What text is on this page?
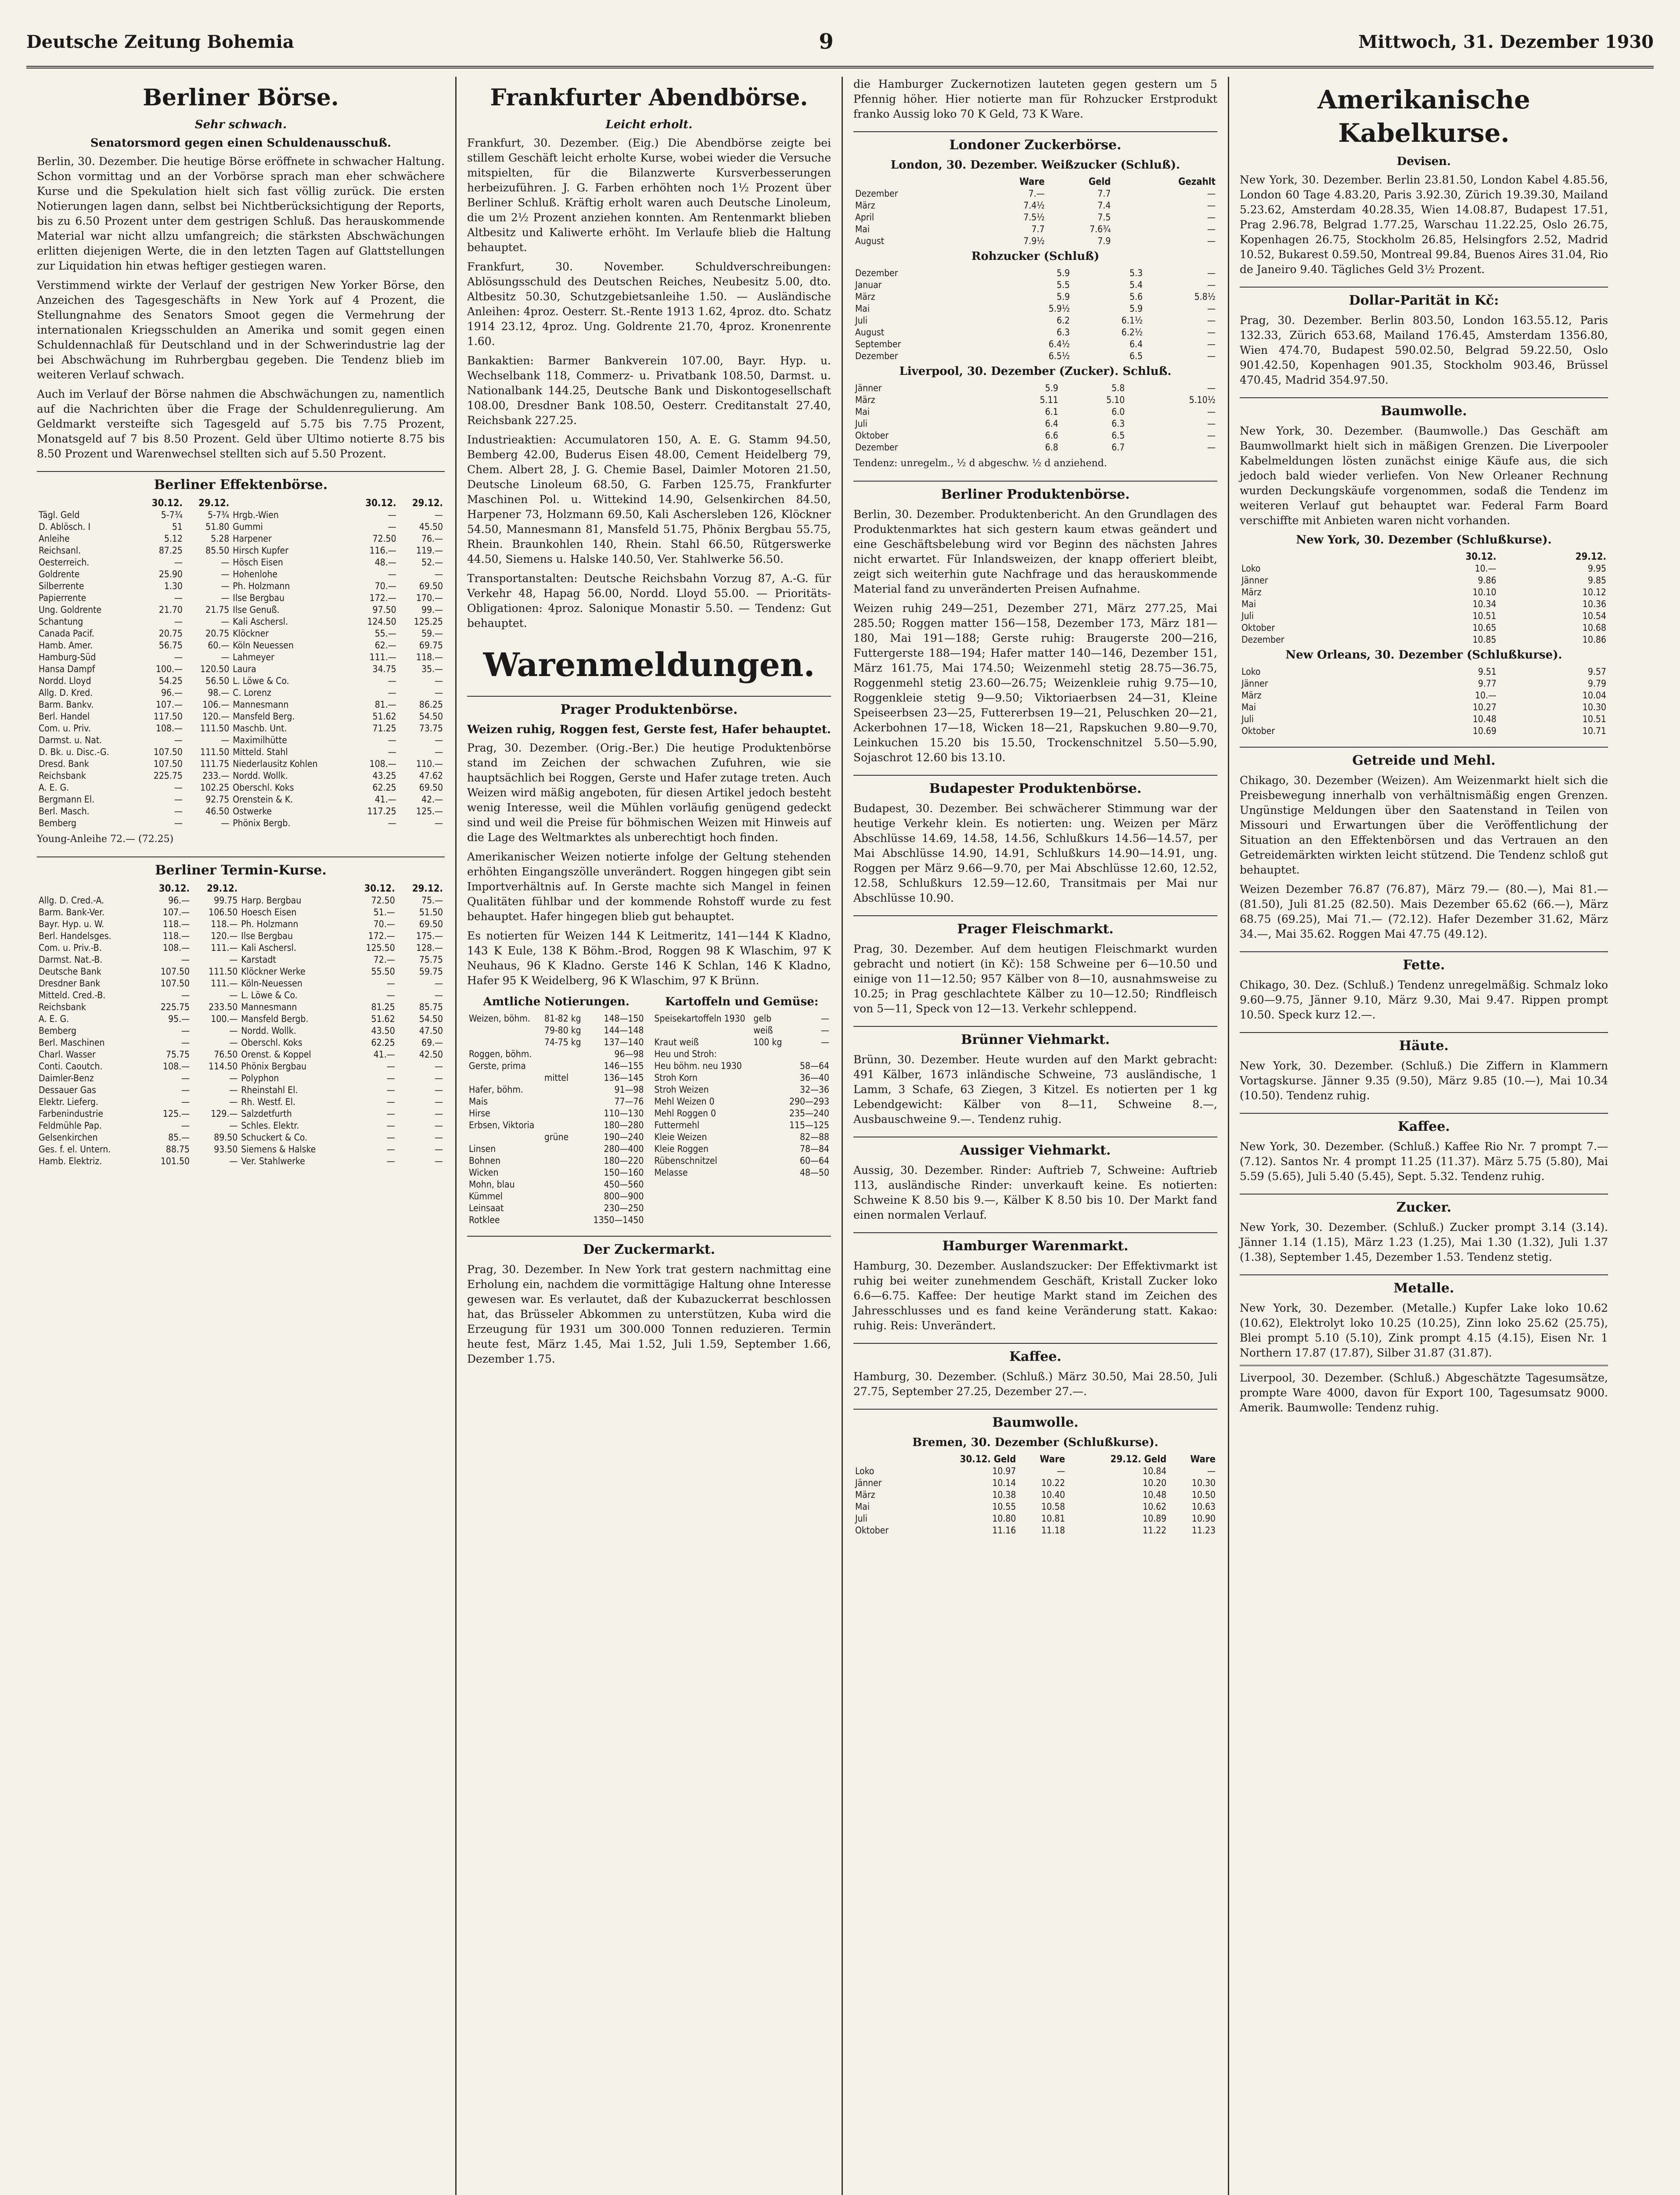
Deutsche Zeitung Bohemia	9	Mittwoch, 31. Dezember 1930
Berliner Börse.
Sehr schwach.
Senatorsmord gegen einen Schuldenausschuß.

Berlin, 30. Dezember. Die heutige Börse eröffnete in schwacher Haltung. Schon vormittag und an der Vorbörse sprach man eher schwächere Kurse und die Spekulation hielt sich fast völlig zurück. Die ersten Notierungen lagen dann, selbst bei Nichtberücksichtigung der Reports, bis zu 6.50 Prozent unter dem gestrigen Schluß. Das herauskommende Material war nicht allzu umfangreich; die stärksten Abschwächungen erlitten diejenigen Werte, die in den letzten Tagen auf Glattstellungen zur Liquidation hin etwas heftiger gestiegen waren.

Verstimmend wirkte der Verlauf der gestrigen New Yorker Börse, den Anzeichen des Tagesgeschäfts in New York auf 4 Prozent, die Stellungnahme des Senators Smoot gegen die Vermehrung der internationalen Kriegsschulden an Amerika und somit gegen einen Schuldennachlaß für Deutschland und in der Schwerindustrie lag der bei Abschwächung im Ruhrbergbau gegeben. Die Tendenz blieb im weiteren Verlauf schwach.

Auch im Verlauf der Börse nahmen die Abschwächungen zu, namentlich auf die Nachrichten über die Frage der Schuldenregulierung. Am Geldmarkt versteifte sich Tagesgeld auf 5.75 bis 7.75 Prozent, Monatsgeld auf 7 bis 8.50 Prozent. Geld über Ultimo notierte 8.75 bis 8.50 Prozent und Warenwechsel stellten sich auf 5.50 Prozent.

Berliner Effektenbörse.
	30.12.	29.12.		30.12.	29.12.
Tägl. Geld	5-7¾	5-7¾	Hrgb.-Wien	—	—
D. Ablösch. I	51	51.80	Gummi	—	45.50
Anleihe	5.12	5.28	Harpener	72.50	76.—
Reichsanl.	87.25	85.50	Hirsch Kupfer	116.—	119.—
Oesterreich.	—	—	Hösch Eisen	48.—	52.—
Goldrente	25.90	—	Hohenlohe	—	—
Silberrente	1.30	—	Ph. Holzmann	70.—	69.50
Papierrente	—	—	Ilse Bergbau	172.—	170.—
Ung. Goldrente	21.70	21.75	Ilse Genuß.	97.50	99.—
Schantung	—	—	Kali Aschersl.	124.50	125.25
Canada Pacif.	20.75	20.75	Klöckner	55.—	59.—
Hamb. Amer.	56.75	60.—	Köln Neuessen	62.—	69.75
Hamburg-Süd	—	—	Lahmeyer	111.—	118.—
Hansa Dampf	100.—	120.50	Laura	34.75	35.—
Nordd. Lloyd	54.25	56.50	L. Löwe & Co.	—	—
Allg. D. Kred.	96.—	98.—	C. Lorenz	—	—
Barm. Bankv.	107.—	106.—	Mannesmann	81.—	86.25
Berl. Handel	117.50	120.—	Mansfeld Berg.	51.62	54.50
Com. u. Priv.	108.—	111.50	Maschb. Unt.	71.25	73.75
Darmst. u. Nat.	—	—	Maximilhütte	—	—
D. Bk. u. Disc.-G.	107.50	111.50	Mitteld. Stahl	—	—
Dresd. Bank	107.50	111.75	Niederlausitz Kohlen	108.—	110.—
Reichsbank	225.75	233.—	Nordd. Wollk.	43.25	47.62
A. E. G.	—	102.25	Oberschl. Koks	62.25	69.50
Bergmann El.	—	92.75	Orenstein & K.	41.—	42.—
Berl. Masch.	—	46.50	Ostwerke	117.25	125.—
Bemberg	—	—	Phönix Bergb.	—	—
Young-Anleihe 72.— (72.25)
Berliner Termin-Kurse.
	30.12.	29.12.		30.12.	29.12.
Allg. D. Cred.-A.	96.—	99.75	Harp. Bergbau	72.50	75.—
Barm. Bank-Ver.	107.—	106.50	Hoesch Eisen	51.—	51.50
Bayr. Hyp. u. W.	118.—	118.—	Ph. Holzmann	70.—	69.50
Berl. Handelsges.	118.—	120.—	Ilse Bergbau	172.—	175.—
Com. u. Priv.-B.	108.—	111.—	Kali Aschersl.	125.50	128.—
Darmst. Nat.-B.	—	—	Karstadt	72.—	75.75
Deutsche Bank	107.50	111.50	Klöckner Werke	55.50	59.75
Dresdner Bank	107.50	111.—	Köln-Neuessen	—	—
Mitteld. Cred.-B.	—	—	L. Löwe & Co.	—	—
Reichsbank	225.75	233.50	Mannesmann	81.25	85.75
A. E. G.	95.—	100.—	Mansfeld Bergb.	51.62	54.50
Bemberg	—	—	Nordd. Wollk.	43.50	47.50
Berl. Maschinen	—	—	Oberschl. Koks	62.25	69.—
Charl. Wasser	75.75	76.50	Orenst. & Koppel	41.—	42.50
Conti. Caoutch.	108.—	114.50	Phönix Bergbau	—	—
Daimler-Benz	—	—	Polyphon	—	—
Dessauer Gas	—	—	Rheinstahl El.	—	—
Elektr. Lieferg.	—	—	Rh. Westf. El.	—	—
Farbenindustrie	125.—	129.—	Salzdetfurth	—	—
Feldmühle Pap.	—	—	Schles. Elektr.	—	—
Gelsenkirchen	85.—	89.50	Schuckert & Co.	—	—
Ges. f. el. Untern.	88.75	93.50	Siemens & Halske	—	—
Hamb. Elektriz.	101.50	—	Ver. Stahlwerke	—	—
Frankfurter Abendbörse.
Leicht erholt.

Frankfurt, 30. Dezember. (Eig.) Die Abendbörse zeigte bei stillem Geschäft leicht erholte Kurse, wobei wieder die Versuche mitspielten, für die Bilanzwerte Kursverbesserungen herbeizuführen. J. G. Farben erhöhten noch 1½ Prozent über Berliner Schluß. Kräftig erholt waren auch Deutsche Linoleum, die um 2½ Prozent anziehen konnten. Am Rentenmarkt blieben Altbesitz und Kaliwerte erhöht. Im Verlaufe blieb die Haltung behauptet.

Frankfurt, 30. November. Schuldverschreibungen: Ablösungsschuld des Deutschen Reiches, Neubesitz 5.00, dto. Altbesitz 50.30, Schutzgebietsanleihe 1.50. — Ausländische Anleihen: 4proz. Oesterr. St.-Rente 1913 1.62, 4proz. dto. Schatz 1914 23.12, 4proz. Ung. Goldrente 21.70, 4proz. Kronenrente 1.60.

Bankaktien: Barmer Bankverein 107.00, Bayr. Hyp. u. Wechselbank 118, Commerz- u. Privatbank 108.50, Darmst. u. Nationalbank 144.25, Deutsche Bank und Diskontogesellschaft 108.00, Dresdner Bank 108.50, Oesterr. Creditanstalt 27.40, Reichsbank 227.25.

Industrieaktien: Accumulatoren 150, A. E. G. Stamm 94.50, Bemberg 42.00, Buderus Eisen 48.00, Cement Heidelberg 79, Chem. Albert 28, J. G. Chemie Basel, Daimler Motoren 21.50, Deutsche Linoleum 68.50, G. Farben 125.75, Frankfurter Maschinen Pol. u. Wittekind 14.90, Gelsenkirchen 84.50, Harpener 73, Holzmann 69.50, Kali Aschersleben 126, Klöckner 54.50, Mannesmann 81, Mansfeld 51.75, Phönix Bergbau 55.75, Rhein. Braunkohlen 140, Rhein. Stahl 66.50, Rütgerswerke 44.50, Siemens u. Halske 140.50, Ver. Stahlwerke 56.50.

Transportanstalten: Deutsche Reichsbahn Vorzug 87, A.-G. für Verkehr 48, Hapag 56.00, Nordd. Lloyd 55.00. — Prioritäts-Obligationen: 4proz. Salonique Monastir 5.50. — Tendenz: Gut behauptet.

Warenmeldungen.
Prager Produktenbörse.
Weizen ruhig, Roggen fest, Gerste fest, Hafer behauptet.

Prag, 30. Dezember. (Orig.-Ber.) Die heutige Produktenbörse stand im Zeichen der schwachen Zufuhren, wie sie hauptsächlich bei Roggen, Gerste und Hafer zutage treten. Auch Weizen wird mäßig angeboten, für diesen Artikel jedoch besteht wenig Interesse, weil die Mühlen vorläufig genügend gedeckt sind und weil die Preise für böhmischen Weizen mit Hinweis auf die Lage des Weltmarktes als unberechtigt hoch finden.

Amerikanischer Weizen notierte infolge der Geltung stehenden erhöhten Eingangszölle unverändert. Roggen hingegen gibt sein Importverhältnis auf. In Gerste machte sich Mangel in feinen Qualitäten fühlbar und der kommende Rohstoff wurde zu fest behauptet. Hafer hingegen blieb gut behauptet.

Es notierten für Weizen 144 K Leitmeritz, 141—144 K Kladno, 143 K Eule, 138 K Böhm.-Brod, Roggen 98 K Wlaschim, 97 K Neuhaus, 96 K Kladno. Gerste 146 K Schlan, 146 K Kladno, Hafer 95 K Weidelberg, 96 K Wlaschim, 97 K Brünn.

Amtliche Notierungen.
Weizen, böhm.	81-82 kg	148—150
	79-80 kg	144—148
	74-75 kg	137—140
Roggen, böhm.		96—98
Gerste, prima		146—155
	mittel	136—145
Hafer, böhm.		91—98
Mais		77—76
Hirse		110—130
Erbsen, Viktoria		180—280
	grüne	190—240
Linsen		280—400
Bohnen		180—220
Wicken		150—160
Mohn, blau		450—560
Kümmel		800—900
Leinsaat		230—250
Rotklee		1350—1450
Kartoffeln und Gemüse:
Speisekartoffeln 1930	gelb	—
	weiß	—
Kraut weiß	100 kg	—
Heu und Stroh:		
Heu böhm. neu 1930		58—64
Stroh Korn		36—40
Stroh Weizen		32—36
Mehl Weizen 0		290—293
Mehl Roggen 0		235—240
Futtermehl		115—125
Kleie Weizen		82—88
Kleie Roggen		78—84
Rübenschnitzel		60—64
Melasse		48—50
Der Zuckermarkt.

Prag, 30. Dezember. In New York trat gestern nachmittag eine Erholung ein, nachdem die vormittägige Haltung ohne Interesse gewesen war. Es verlautet, daß der Kubazuckerrat beschlossen hat, das Brüsseler Abkommen zu unterstützen, Kuba wird die Erzeugung für 1931 um 300.000 Tonnen reduzieren. Termin heute fest, März 1.45, Mai 1.52, Juli 1.59, September 1.66, Dezember 1.75.

die Hamburger Zuckernotizen lauteten gegen gestern um 5 Pfennig höher. Hier notierte man für Rohzucker Erstprodukt franko Aussig loko 70 K Geld, 73 K Ware.

Londoner Zuckerbörse.
London, 30. Dezember. Weißzucker (Schluß).
	Ware	Geld	Gezahlt
Dezember	7.—	7.7	—
März	7.4½	7.4	—
April	7.5½	7.5	—
Mai	7.7	7.6¾	—
August	7.9½	7.9	—
Rohzucker (Schluß)
Dezember	5.9	5.3	—
Januar	5.5	5.4	—
März	5.9	5.6	5.8½
Mai	5.9½	5.9	—
Juli	6.2	6.1½	—
August	6.3	6.2½	—
September	6.4½	6.4	—
Dezember	6.5½	6.5	—
Liverpool, 30. Dezember (Zucker). Schluß.
Jänner	5.9	5.8	—
März	5.11	5.10	5.10½
Mai	6.1	6.0	—
Juli	6.4	6.3	—
Oktober	6.6	6.5	—
Dezember	6.8	6.7	—
Tendenz: unregelm., ½ d abgeschw. ½ d anziehend.
Berliner Produktenbörse.

Berlin, 30. Dezember. Produktenbericht. An den Grundlagen des Produktenmarktes hat sich gestern kaum etwas geändert und eine Geschäftsbelebung wird vor Beginn des nächsten Jahres nicht erwartet. Für Inlandsweizen, der knapp offeriert bleibt, zeigt sich weiterhin gute Nachfrage und das herauskommende Material fand zu unveränderten Preisen Aufnahme.

Weizen ruhig 249—251, Dezember 271, März 277.25, Mai 285.50; Roggen matter 156—158, Dezember 173, März 181—180, Mai 191—188; Gerste ruhig: Braugerste 200—216, Futtergerste 188—194; Hafer matter 140—146, Dezember 151, März 161.75, Mai 174.50; Weizenmehl stetig 28.75—36.75, Roggenmehl stetig 23.60—26.75; Weizenkleie ruhig 9.75—10, Roggenkleie stetig 9—9.50; Viktoriaerbsen 24—31, Kleine Speiseerbsen 23—25, Futtererbsen 19—21, Peluschken 20—21, Ackerbohnen 17—18, Wicken 18—21, Rapskuchen 9.80—9.70, Leinkuchen 15.20 bis 15.50, Trockenschnitzel 5.50—5.90, Sojaschrot 12.60 bis 13.10.

Budapester Produktenbörse.

Budapest, 30. Dezember. Bei schwächerer Stimmung war der heutige Verkehr klein. Es notierten: ung. Weizen per März Abschlüsse 14.69, 14.58, 14.56, Schlußkurs 14.56—14.57, per Mai Abschlüsse 14.90, 14.91, Schlußkurs 14.90—14.91, ung. Roggen per März 9.66—9.70, per Mai Abschlüsse 12.60, 12.52, 12.58, Schlußkurs 12.59—12.60, Transitmais per Mai nur Abschlüsse 10.90.

Prager Fleischmarkt.

Prag, 30. Dezember. Auf dem heutigen Fleischmarkt wurden gebracht und notiert (in Kč): 158 Schweine per 6—10.50 und einige von 11—12.50; 957 Kälber von 8—10, ausnahmsweise zu 10.25; in Prag geschlachtete Kälber zu 10—12.50; Rindfleisch von 5—11, Speck von 12—13. Verkehr schleppend.

Brünner Viehmarkt.

Brünn, 30. Dezember. Heute wurden auf den Markt gebracht: 491 Kälber, 1673 inländische Schweine, 73 ausländische, 1 Lamm, 3 Schafe, 63 Ziegen, 3 Kitzel. Es notierten per 1 kg Lebendgewicht: Kälber von 8—11, Schweine 8.—, Ausbauschweine 9.—. Tendenz ruhig.

Aussiger Viehmarkt.

Aussig, 30. Dezember. Rinder: Auftrieb 7, Schweine: Auftrieb 113, ausländische Rinder: unverkauft keine. Es notierten: Schweine K 8.50 bis 9.—, Kälber K 8.50 bis 10. Der Markt fand einen normalen Verlauf.

Hamburger Warenmarkt.

Hamburg, 30. Dezember. Auslandszucker: Der Effektivmarkt ist ruhig bei weiter zunehmendem Geschäft, Kristall Zucker loko 6.6—6.75. Kaffee: Der heutige Markt stand im Zeichen des Jahresschlusses und es fand keine Veränderung statt. Kakao: ruhig. Reis: Unverändert.

Kaffee.

Hamburg, 30. Dezember. (Schluß.) März 30.50, Mai 28.50, Juli 27.75, September 27.25, Dezember 27.—.

Baumwolle.
Bremen, 30. Dezember (Schlußkurse).
	30.12. Geld	Ware	29.12. Geld	Ware
Loko	10.97	—	10.84	—
Jänner	10.14	10.22	10.20	10.30
März	10.38	10.40	10.48	10.50
Mai	10.55	10.58	10.62	10.63
Juli	10.80	10.81	10.89	10.90
Oktober	11.16	11.18	11.22	11.23
Amerikanische Kabelkurse.
Devisen.

New York, 30. Dezember. Berlin 23.81.50, London Kabel 4.85.56, London 60 Tage 4.83.20, Paris 3.92.30, Zürich 19.39.30, Mailand 5.23.62, Amsterdam 40.28.35, Wien 14.08.87, Budapest 17.51, Prag 2.96.78, Belgrad 1.77.25, Warschau 11.22.25, Oslo 26.75, Kopenhagen 26.75, Stockholm 26.85, Helsingfors 2.52, Madrid 10.52, Bukarest 0.59.50, Montreal 99.84, Buenos Aires 31.04, Rio de Janeiro 9.40. Tägliches Geld 3½ Prozent.

Dollar-Parität in Kč:

Prag, 30. Dezember. Berlin 803.50, London 163.55.12, Paris 132.33, Zürich 653.68, Mailand 176.45, Amsterdam 1356.80, Wien 474.70, Budapest 590.02.50, Belgrad 59.22.50, Oslo 901.42.50, Kopenhagen 901.35, Stockholm 903.46, Brüssel 470.45, Madrid 354.97.50.

Baumwolle.

New York, 30. Dezember. (Baumwolle.) Das Geschäft am Baumwollmarkt hielt sich in mäßigen Grenzen. Die Liverpooler Kabelmeldungen lösten zunächst einige Käufe aus, die sich jedoch bald wieder verliefen. Von New Orleaner Rechnung wurden Deckungskäufe vorgenommen, sodaß die Tendenz im weiteren Verlauf gut behauptet war. Federal Farm Board verschiffte mit Anbieten waren nicht vorhanden.

New York, 30. Dezember (Schlußkurse).
	30.12.	29.12.
Loko	10.—	9.95
Jänner	9.86	9.85
März	10.10	10.12
Mai	10.34	10.36
Juli	10.51	10.54
Oktober	10.65	10.68
Dezember	10.85	10.86
New Orleans, 30. Dezember (Schlußkurse).
Loko	9.51	9.57
Jänner	9.77	9.79
März	10.—	10.04
Mai	10.27	10.30
Juli	10.48	10.51
Oktober	10.69	10.71
Getreide und Mehl.

Chikago, 30. Dezember (Weizen). Am Weizenmarkt hielt sich die Preisbewegung innerhalb von verhältnismäßig engen Grenzen. Ungünstige Meldungen über den Saatenstand in Teilen von Missouri und Erwartungen über die Veröffentlichung der Situation an den Effektenbörsen und das Vertrauen an den Getreidemärkten wirkten leicht stützend. Die Tendenz schloß gut behauptet.

Weizen Dezember 76.87 (76.87), März 79.— (80.—), Mai 81.— (81.50), Juli 81.25 (82.50). Mais Dezember 65.62 (66.—), März 68.75 (69.25), Mai 71.— (72.12). Hafer Dezember 31.62, März 34.—, Mai 35.62. Roggen Mai 47.75 (49.12).

Fette.

Chikago, 30. Dez. (Schluß.) Tendenz unregelmäßig. Schmalz loko 9.60—9.75, Jänner 9.10, März 9.30, Mai 9.47. Rippen prompt 10.50. Speck kurz 12.—.

Häute.

New York, 30. Dezember. (Schluß.) Die Ziffern in Klammern Vortagskurse. Jänner 9.35 (9.50), März 9.85 (10.—), Mai 10.34 (10.50). Tendenz ruhig.

Kaffee.

New York, 30. Dezember. (Schluß.) Kaffee Rio Nr. 7 prompt 7.— (7.12). Santos Nr. 4 prompt 11.25 (11.37). März 5.75 (5.80), Mai 5.59 (5.65), Juli 5.40 (5.45), Sept. 5.32. Tendenz ruhig.

Zucker.

New York, 30. Dezember. (Schluß.) Zucker prompt 3.14 (3.14). Jänner 1.14 (1.15), März 1.23 (1.25), Mai 1.30 (1.32), Juli 1.37 (1.38), September 1.45, Dezember 1.53. Tendenz stetig.

Metalle.

New York, 30. Dezember. (Metalle.) Kupfer Lake loko 10.62 (10.62), Elektrolyt loko 10.25 (10.25), Zinn loko 25.62 (25.75), Blei prompt 5.10 (5.10), Zink prompt 4.15 (4.15), Eisen Nr. 1 Northern 17.87 (17.87), Silber 31.87 (31.87).

Liverpool, 30. Dezember. (Schluß.) Abgeschätzte Tagesumsätze, prompte Ware 4000, davon für Export 100, Tagesumsatz 9000. Amerik. Baumwolle: Tendenz ruhig.
